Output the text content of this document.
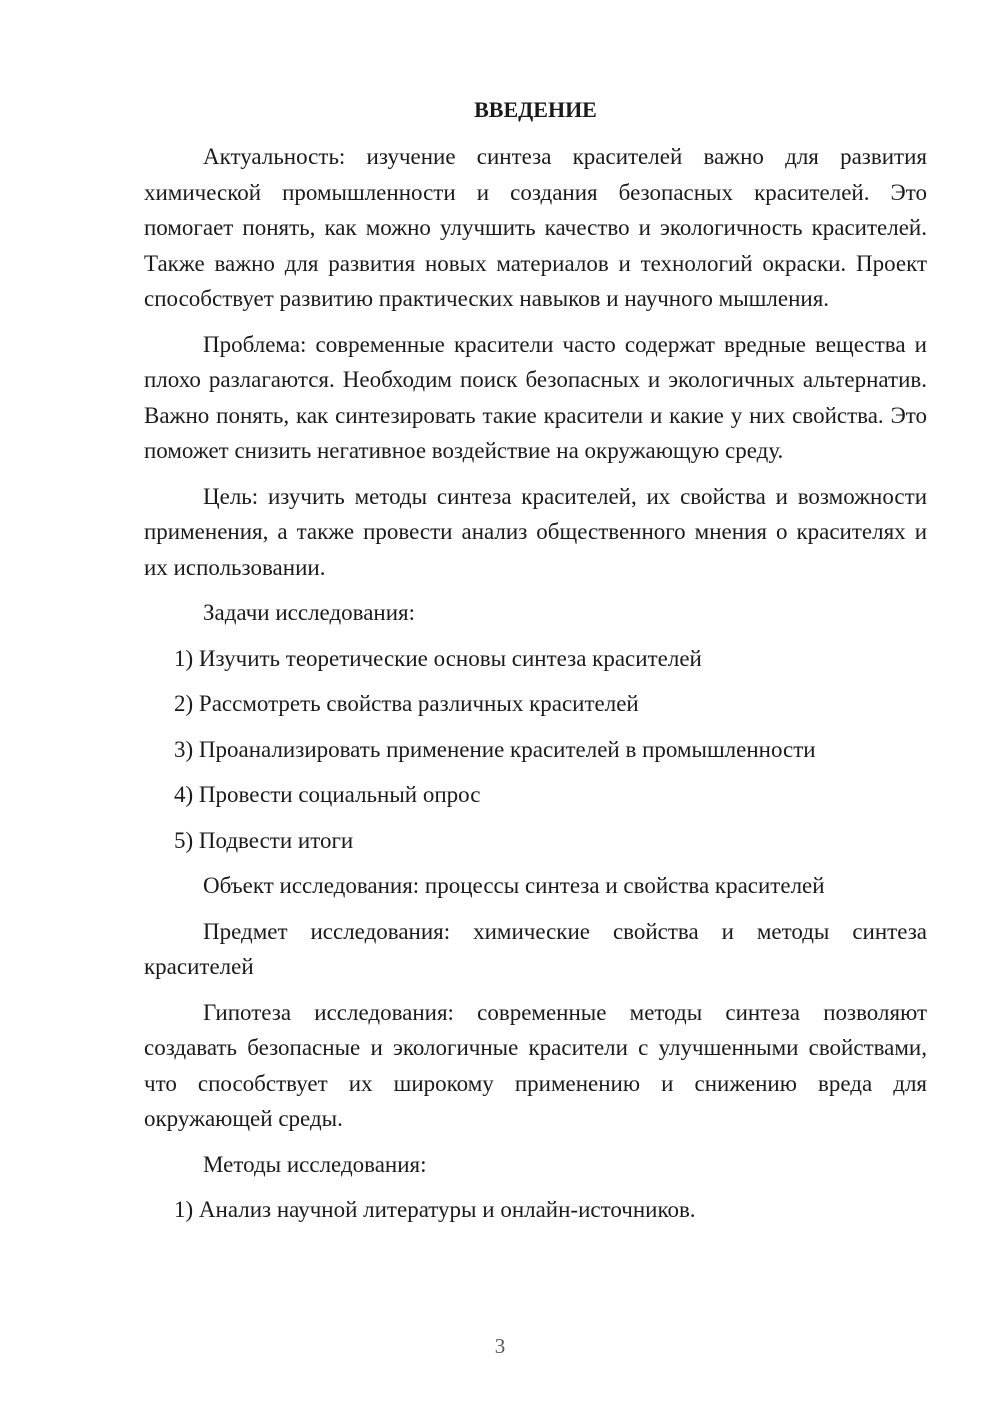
ВВЕДЕНИЕ

Актуальность: изучение синтеза красителей важно для развития химической промышленности и создания безопасных красителей. Это помогает понять, как можно улучшить качество и экологичность красителей. Также важно для развития новых материалов и технологий окраски. Проект способствует развитию практических навыков и научного мышления.

Проблема: современные красители часто содержат вредные вещества и плохо разлагаются. Необходим поиск безопасных и экологичных альтернатив. Важно понять, как синтезировать такие красители и какие у них свойства. Это поможет снизить негативное воздействие на окружающую среду.

Цель: изучить методы синтеза красителей, их свойства и возможности применения, а также провести анализ общественного мнения о красителях и их использовании.

Задачи исследования:

1) Изучить теоретические основы синтеза красителей
2) Рассмотреть свойства различных красителей
3) Проанализировать применение красителей в промышленности
4) Провести социальный опрос
5) Подвести итоги

Объект исследования: процессы синтеза и свойства красителей

Предмет исследования: химические свойства и методы синтеза красителей

Гипотеза исследования: современные методы синтеза позволяют создавать безопасные и экологичные красители с улучшенными свойствами, что способствует их широкому применению и снижению вреда для окружающей среды.

Методы исследования:

1) Анализ научной литературы и онлайн-источников.
3
